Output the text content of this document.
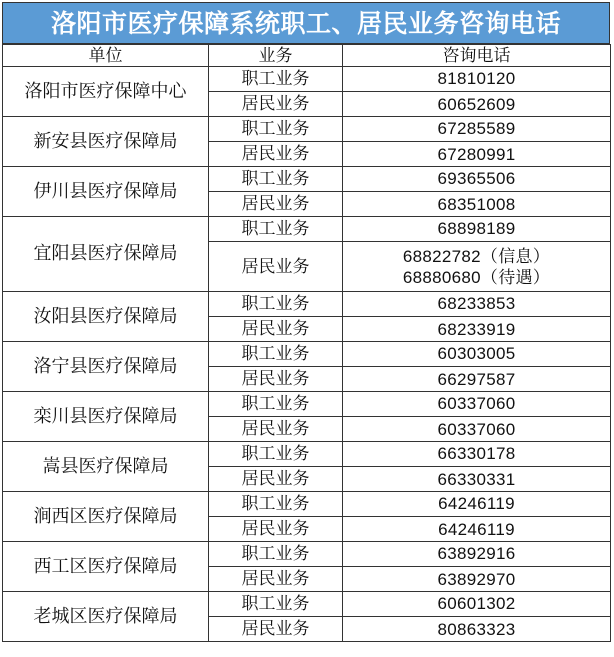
洛阳市医疗保障系统职工、居民业务咨询电话
单位	业务	咨询电话
洛阳市医疗保障中心	职工业务	81810120
	居民业务	60652609

新安县医疗保障局	职工业务	67285589
	居民业务	67280991

伊川县医疗保障局	职工业务	69365506
	居民业务	68351008

宜阳县医疗保障局	职工业务	68898189
	居民业务	68822782（信息）
68880680（待遇）

汝阳县医疗保障局	职工业务	68233853
	居民业务	68233919

洛宁县医疗保障局	职工业务	60303005
	居民业务	66297587

栾川县医疗保障局	职工业务	60337060
	居民业务	60337060

嵩县医疗保障局	职工业务	66330178
	居民业务	66330331

涧西区医疗保障局	职工业务	64246119
	居民业务	64246119

西工区医疗保障局	职工业务	63892916
	居民业务	63892970

老城区医疗保障局	职工业务	60601302
	居民业务	80863323
